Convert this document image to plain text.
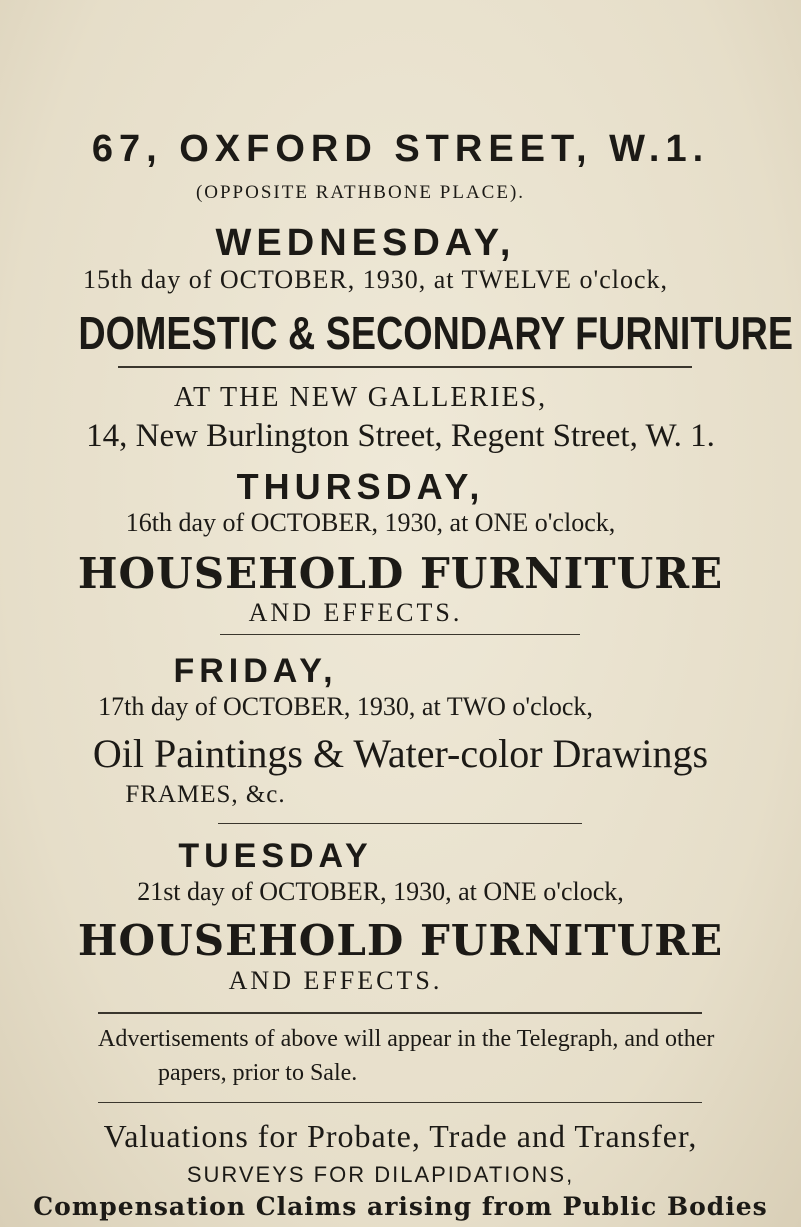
67, OXFORD STREET, W.1.
(OPPOSITE RATHBONE PLACE).
WEDNESDAY,
15th day of OCTOBER, 1930, at TWELVE o'clock,
DOMESTIC & SECONDARY FURNITURE
AT THE NEW GALLERIES,
14, New Burlington Street, Regent Street, W. 1.
THURSDAY,
16th day of OCTOBER, 1930, at ONE o'clock,
HOUSEHOLD FURNITURE
AND EFFECTS.
FRIDAY,
17th day of OCTOBER, 1930, at TWO o'clock,
Oil Paintings & Water-color Drawings
FRAMES, &c.
TUESDAY
21st day of OCTOBER, 1930, at ONE o'clock,
HOUSEHOLD FURNITURE
AND EFFECTS.
Advertisements of above will appear in the Telegraph, and other
papers, prior to Sale.
Valuations for Probate, Trade and Transfer,
SURVEYS FOR DILAPIDATIONS,
Compensation Claims arising from Public Bodies
